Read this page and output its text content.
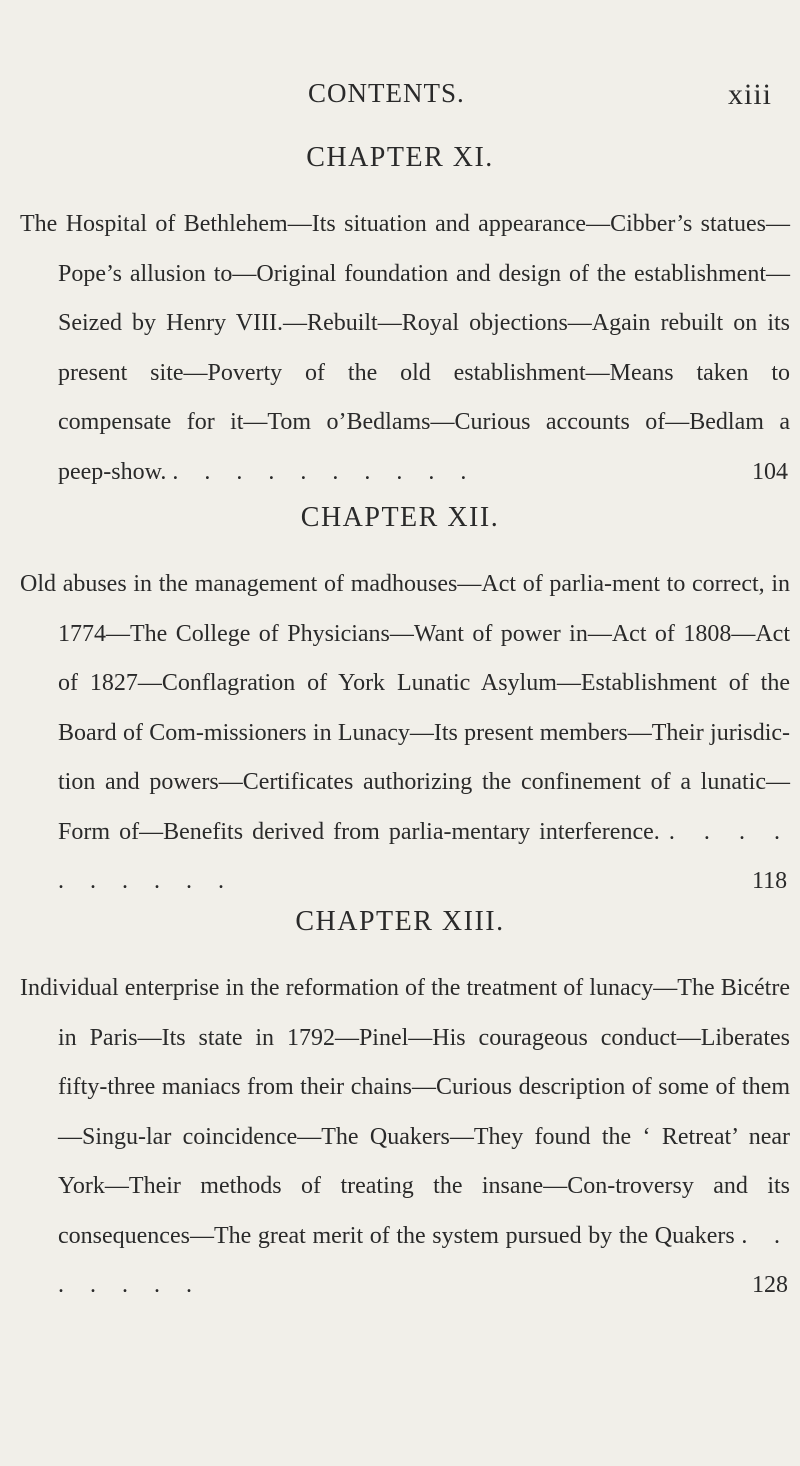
CONTENTS.	xiii
CHAPTER XI.
The Hospital of Bethlehem—Its situation and appearance—Cibber’s statues—Pope’s allusion to—Original foundation and design of the establishment—Seized by Henry VIII.—Rebuilt—Royal objections—Again rebuilt on its present site—Poverty of the old establishment—Means taken to compensate for it—Tom o’Bedlams—Curious accounts of—Bedlam a peep-show. . . . . . . . . . .	104
CHAPTER XII.
Old abuses in the management of madhouses—Act of parlia-ment to correct, in 1774—The College of Physicians—Want of power in—Act of 1808—Act of 1827—Conflagration of York Lunatic Asylum—Establishment of the Board of Com-missioners in Lunacy—Its present members—Their jurisdic-tion and powers—Certificates authorizing the confinement of a lunatic—Form of—Benefits derived from parlia-mentary interference. . . . . . . . . . .	118
CHAPTER XIII.
Individual enterprise in the reformation of the treatment of lunacy—The Bicétre in Paris—Its state in 1792—Pinel—His courageous conduct—Liberates fifty-three maniacs from their chains—Curious description of some of them—Singu-lar coincidence—The Quakers—They found the ‘ Retreat’ near York—Their methods of treating the insane—Con-troversy and its consequences—The great merit of the system pursued by the Quakers . . . . . . .	128
